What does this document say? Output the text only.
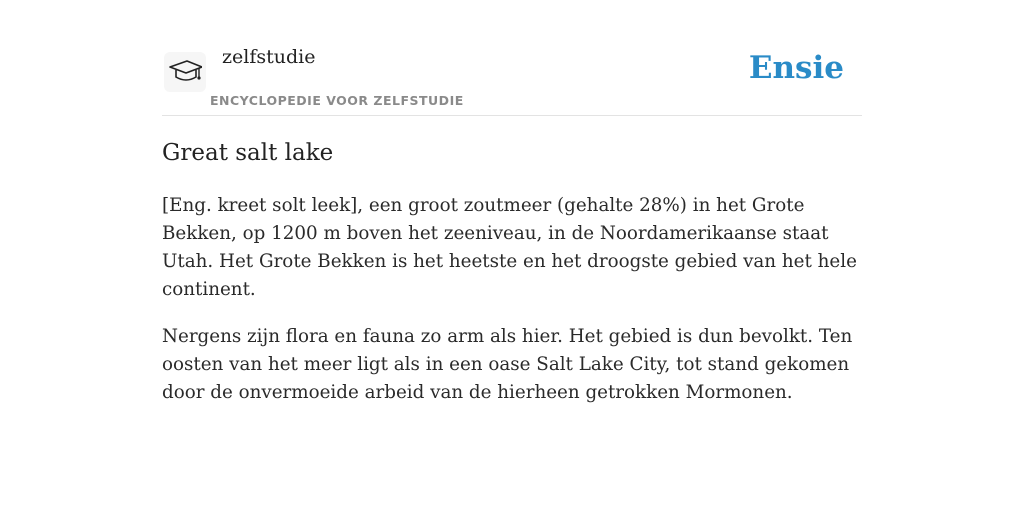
zelfstudie
ENCYCLOPEDIE VOOR ZELFSTUDIE
Ensie
Great salt lake

[Eng. kreet solt leek], een groot zoutmeer (gehalte 28%) in het Grote Bekken, op 1200 m boven het zeeniveau, in de Noordamerikaanse staat Utah. Het Grote Bekken is het heetste en het droogste gebied van het hele continent.

Nergens zijn flora en fauna zo arm als hier. Het gebied is dun bevolkt. Ten oosten van het meer ligt als in een oase Salt Lake City, tot stand gekomen door de onvermoeide arbeid van de hierheen getrokken Mormonen.
